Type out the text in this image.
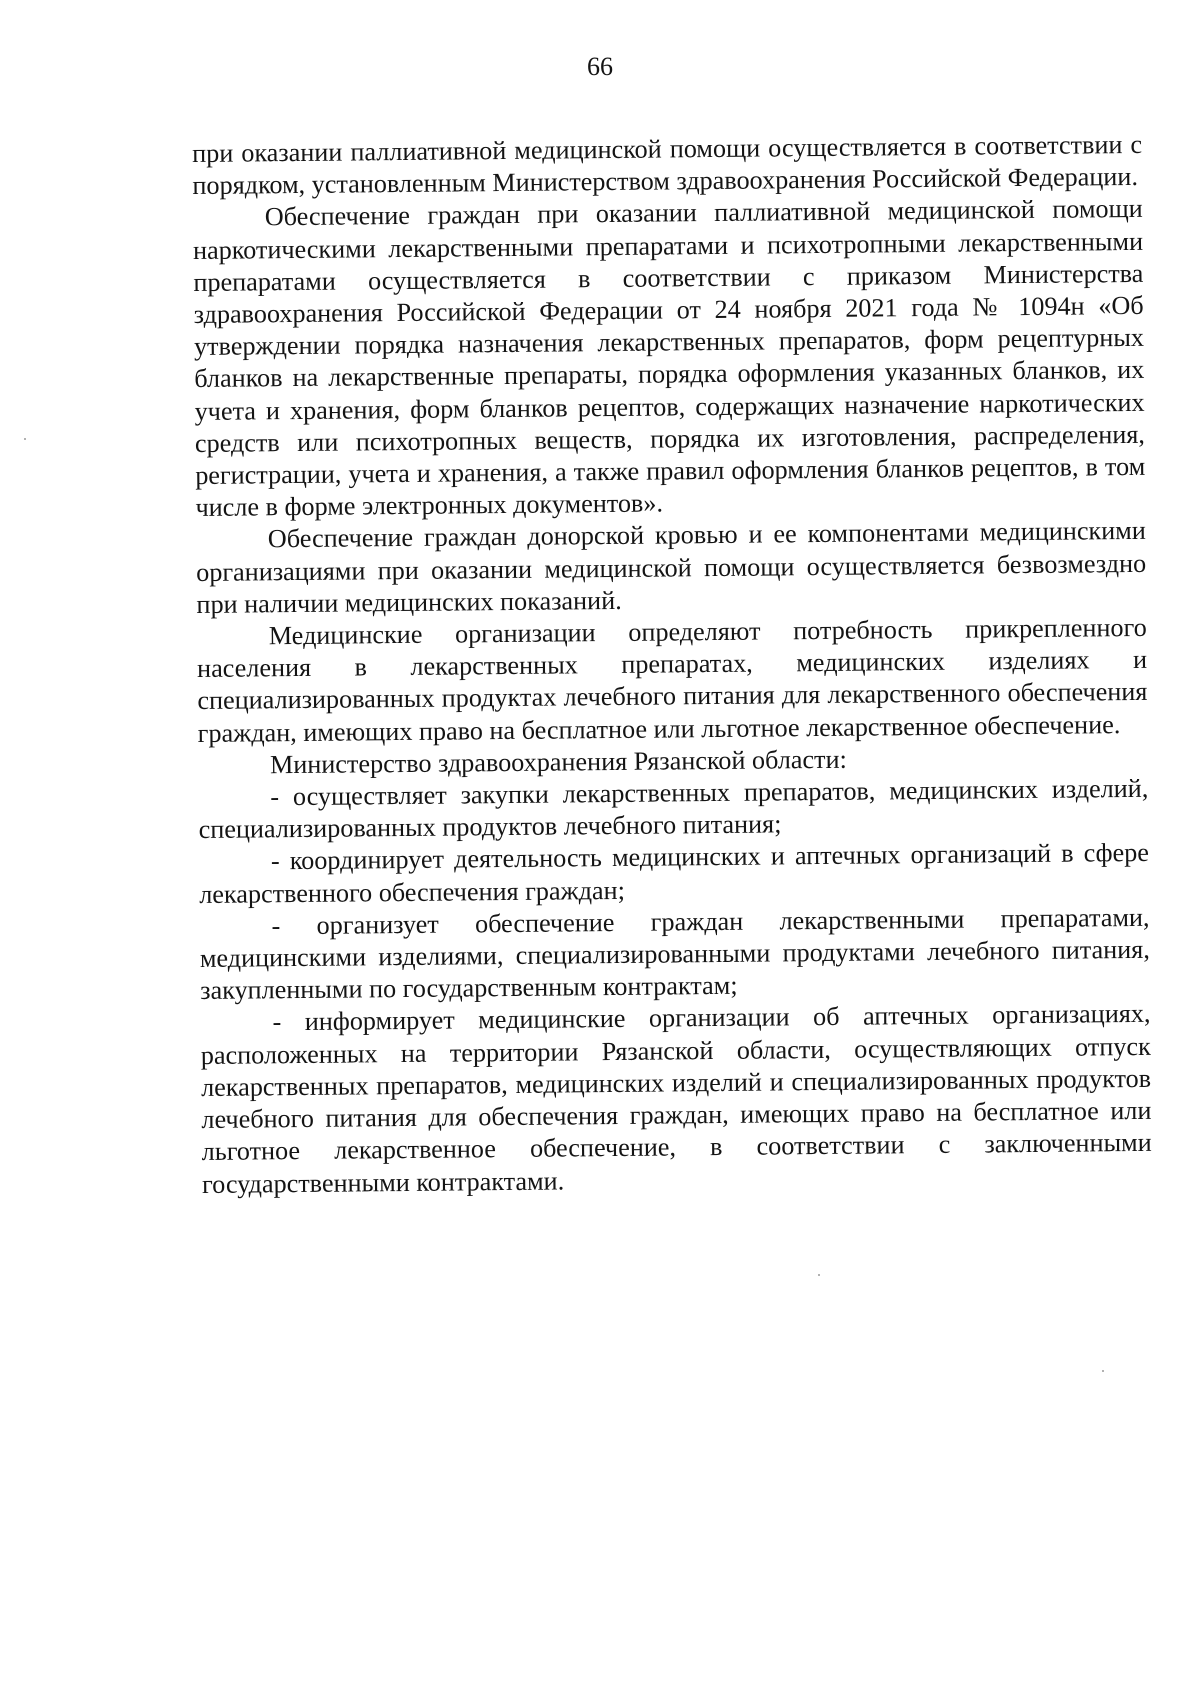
66

при оказании паллиативной медицинской помощи осуществляется в соответствии с порядком, установленным Министерством здравоохранения Российской Федерации.

Обеспечение граждан при оказании паллиативной медицинской помощи наркотическими лекарственными препаратами и психотропными лекарственными препаратами осуществляется в соответствии с приказом Министерства здравоохранения Российской Федерации от 24 ноября 2021 года № 1094н «Об утверждении порядка назначения лекарственных препаратов, форм рецептурных бланков на лекарственные препараты, порядка оформления указанных бланков, их учета и хранения, форм бланков рецептов, содержащих назначение наркотических средств или психотропных веществ, порядка их изготовления, распределения, регистрации, учета и хранения, а также правил оформления бланков рецептов, в том числе в форме электронных документов».

Обеспечение граждан донорской кровью и ее компонентами медицинскими организациями при оказании медицинской помощи осуществляется безвозмездно при наличии медицинских показаний.

Медицинские организации определяют потребность прикрепленного населения в лекарственных препаратах, медицинских изделиях и специализированных продуктах лечебного питания для лекарственного обеспечения граждан, имеющих право на бесплатное или льготное лекарственное обеспечение.

Министерство здравоохранения Рязанской области:

- осуществляет закупки лекарственных препаратов, медицинских изделий, специализированных продуктов лечебного питания;

- координирует деятельность медицинских и аптечных организаций в сфере лекарственного обеспечения граждан;

- организует обеспечение граждан лекарственными препаратами, медицинскими изделиями, специализированными продуктами лечебного питания, закупленными по государственным контрактам;

- информирует медицинские организации об аптечных организациях, расположенных на территории Рязанской области, осуществляющих отпуск лекарственных препаратов, медицинских изделий и специализированных продуктов лечебного питания для обеспечения граждан, имеющих право на бесплатное или льготное лекарственное обеспечение, в соответствии с заключенными государственными контрактами.
